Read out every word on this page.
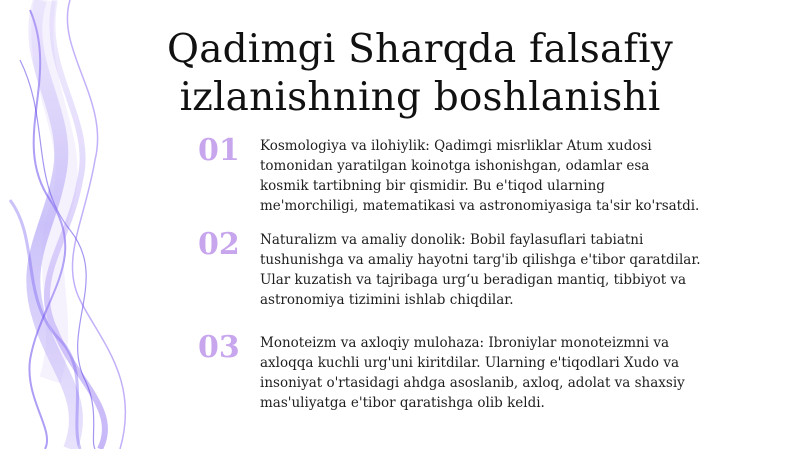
Qadimgi Sharqda falsafiy
izlanishning boshlanishi
01	Kosmologiya va ilohiylik: Qadimgi misrliklar Atum xudosi
tomonidan yaratilgan koinotga ishonishgan, odamlar esa
kosmik tartibning bir qismidir. Bu e'tiqod ularning
me'morchiligi, matematikasi va astronomiyasiga ta'sir ko'rsatdi.
02	Naturalizm va amaliy donolik: Bobil faylasuflari tabiatni
tushunishga va amaliy hayotni targ'ib qilishga e'tibor qaratdilar.
Ular kuzatish va tajribaga urg‘u beradigan mantiq, tibbiyot va
astronomiya tizimini ishlab chiqdilar.
03	Monoteizm va axloqiy mulohaza: Ibroniylar monoteizmni va
axloqqa kuchli urg'uni kiritdilar. Ularning e'tiqodlari Xudo va
insoniyat o'rtasidagi ahdga asoslanib, axloq, adolat va shaxsiy
mas'uliyatga e'tibor qaratishga olib keldi.
